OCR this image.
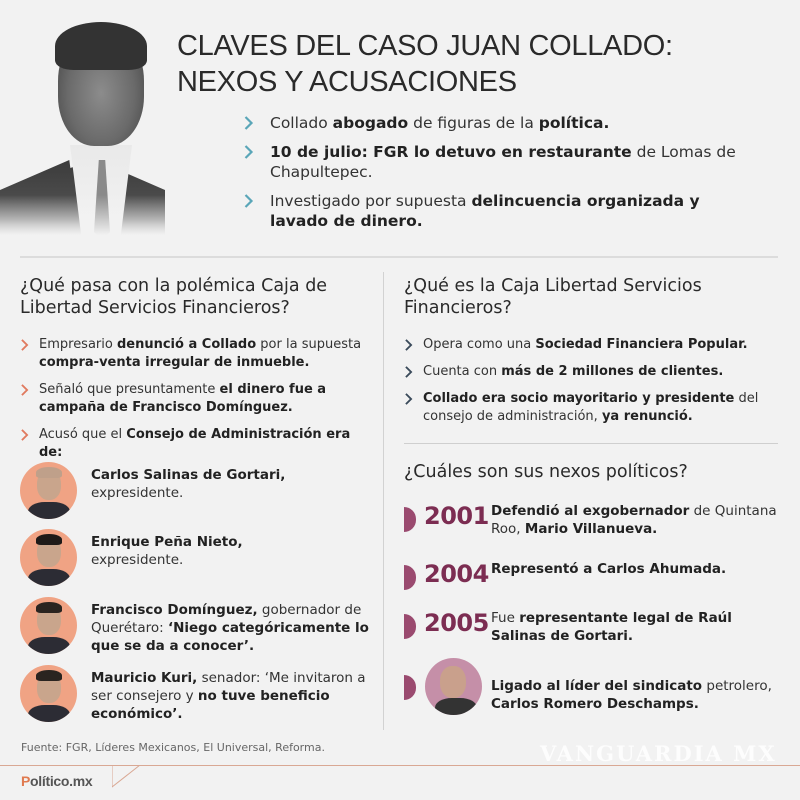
CLAVES DEL CASO JUAN COLLADO:
NEXOS Y ACUSACIONES
Collado abogado de figuras de la política.
10 de julio: FGR lo detuvo en restaurante de Lomas de Chapultepec.
Investigado por supuesta delincuencia organizada y lavado de dinero.
¿Qué pasa con la polémica Caja de Libertad Servicios Financieros?
Empresario denunció a Collado por la supuesta compra-venta irregular de inmueble.
Señaló que presuntamente el dinero fue a campaña de Francisco Domínguez.
Acusó que el Consejo de Administración era de:
Carlos Salinas de Gortari,
expresidente.
Enrique Peña Nieto,
expresidente.
Francisco Domínguez, gobernador de Querétaro: ‘Niego categóricamente lo que se da a conocer’.
Mauricio Kuri, senador: ‘Me invitaron a ser consejero y no tuve beneficio económico’.
¿Qué es la Caja Libertad Servicios Financieros?
Opera como una Sociedad Financiera Popular.
Cuenta con más de 2 millones de clientes.
Collado era socio mayoritario y presidente del consejo de administración, ya renunció.
¿Cuáles son sus nexos políticos?
2001 Defendió al exgobernador de Quintana Roo, Mario Villanueva.
2004 Representó a Carlos Ahumada.
2005 Fue representante legal de Raúl Salinas de Gortari.
Ligado al líder del sindicato petrolero, Carlos Romero Deschamps.
Fuente: FGR, Líderes Mexicanos, El Universal, Reforma.
Político.mx
VANGUARDIA MX
